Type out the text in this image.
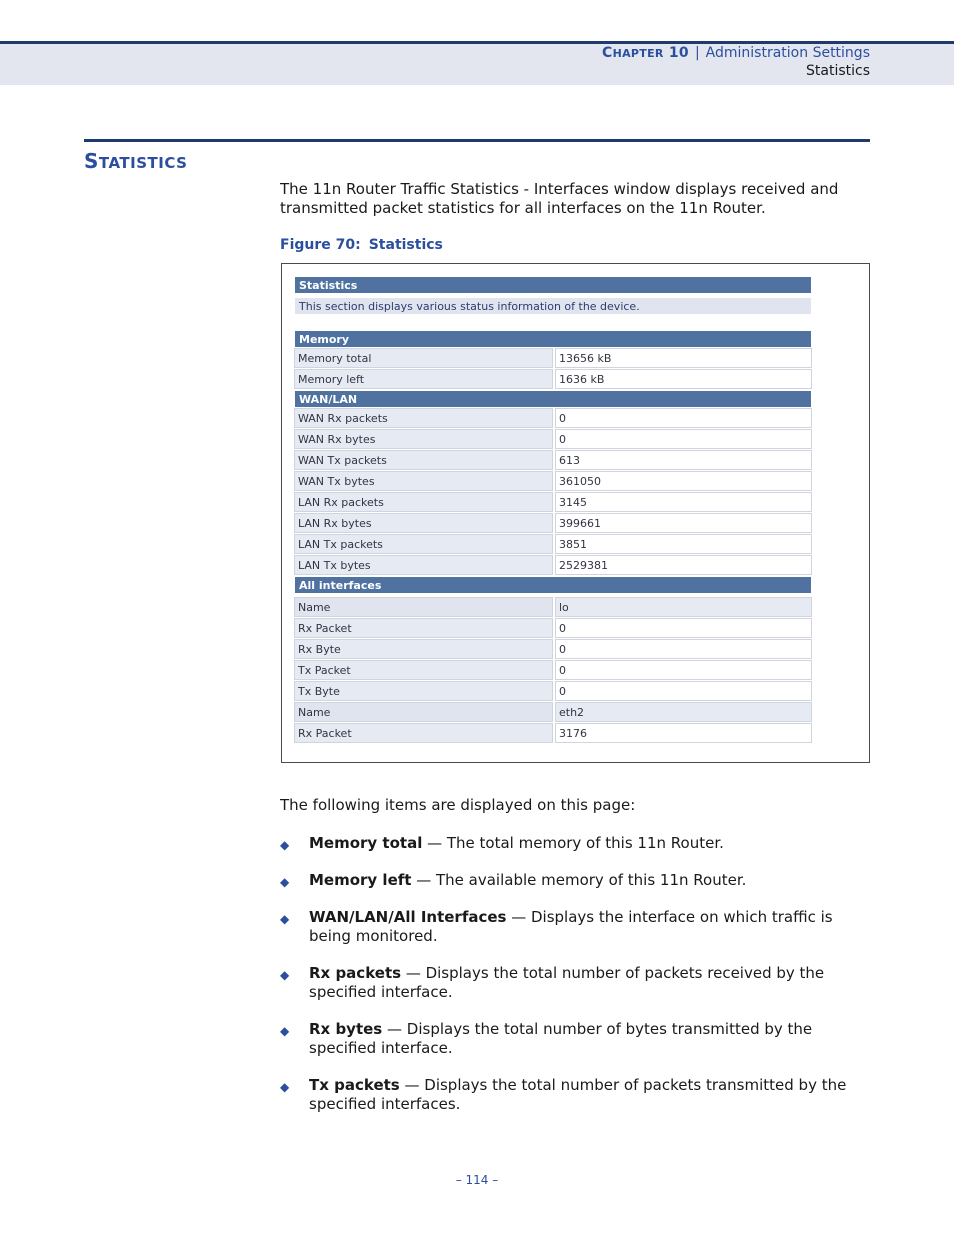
CHAPTER 10 | Administration Settings
Statistics
STATISTICS

The 11n Router Traffic Statistics - Interfaces window displays received and transmitted packet statistics for all interfaces on the 11n Router.

Figure 70: Statistics
Statistics
This section displays various status information of the device.
Memory
Memory total	13656 kB
Memory left	1636 kB
WAN/LAN
WAN Rx packets	0
WAN Rx bytes	0
WAN Tx packets	613
WAN Tx bytes	361050
LAN Rx packets	3145
LAN Rx bytes	399661
LAN Tx packets	3851
LAN Tx bytes	2529381
All interfaces
Name	lo
Rx Packet	0
Rx Byte	0
Tx Packet	0
Tx Byte	0
Name	eth2
Rx Packet	3176

The following items are displayed on this page:

◆ Memory total — The total memory of this 11n Router.
◆ Memory left — The available memory of this 11n Router.
◆ WAN/LAN/All Interfaces — Displays the interface on which traffic is being monitored.
◆ Rx packets — Displays the total number of packets received by the specified interface.
◆ Rx bytes — Displays the total number of bytes transmitted by the specified interface.
◆ Tx packets — Displays the total number of packets transmitted by the specified interfaces.
– 114 –
